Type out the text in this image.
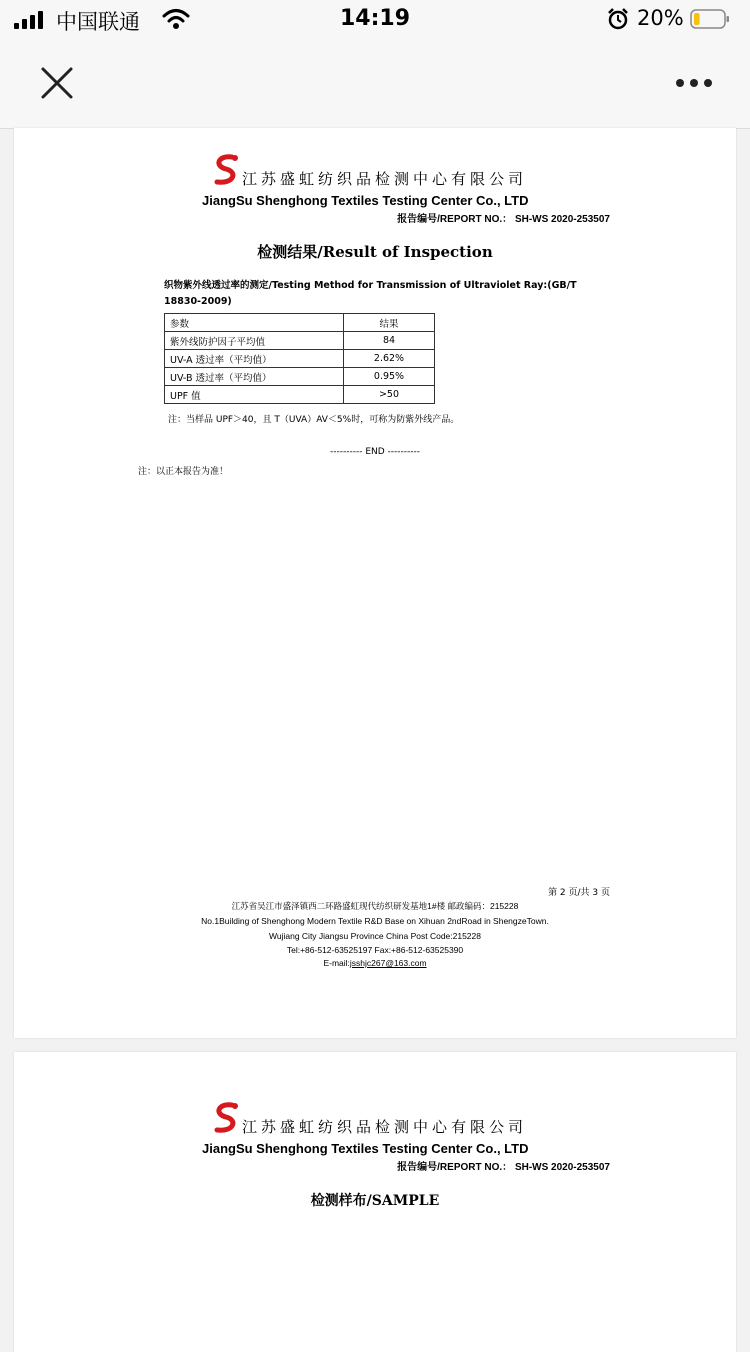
中国联通	14:19	20%
江苏盛虹纺织品检测中心有限公司
JiangSu Shenghong Textiles Testing Center Co., LTD
报告编号/REPORT NO.： SH-WS 2020-253507
检测结果/Result of Inspection
织物紫外线透过率的测定/Testing Method for Transmission of Ultraviolet Ray:(GB/T 18830-2009)
参数	结果
紫外线防护因子平均值	84
UV-A 透过率（平均值）	2.62%
UV-B 透过率（平均值）	0.95%
UPF 值	>50
注：当样品 UPF＞40，且 T（UVA）AV＜5%时，可称为防紫外线产品。
---------- END ----------
注：以正本报告为准！
第 2 页/共 3 页
江苏省吴江市盛泽镇西二环路盛虹现代纺织研发基地1#楼 邮政编码：215228
No.1Building of Shenghong Modern Textile R&D Base on Xihuan 2ndRoad in ShengzeTown.
Wujiang City Jiangsu Province China Post Code:215228
Tel:+86-512-63525197 Fax:+86-512-63525390
E-mail:jsshjc267@163.com
江苏盛虹纺织品检测中心有限公司
JiangSu Shenghong Textiles Testing Center Co., LTD
报告编号/REPORT NO.： SH-WS 2020-253507
检测样布/SAMPLE
